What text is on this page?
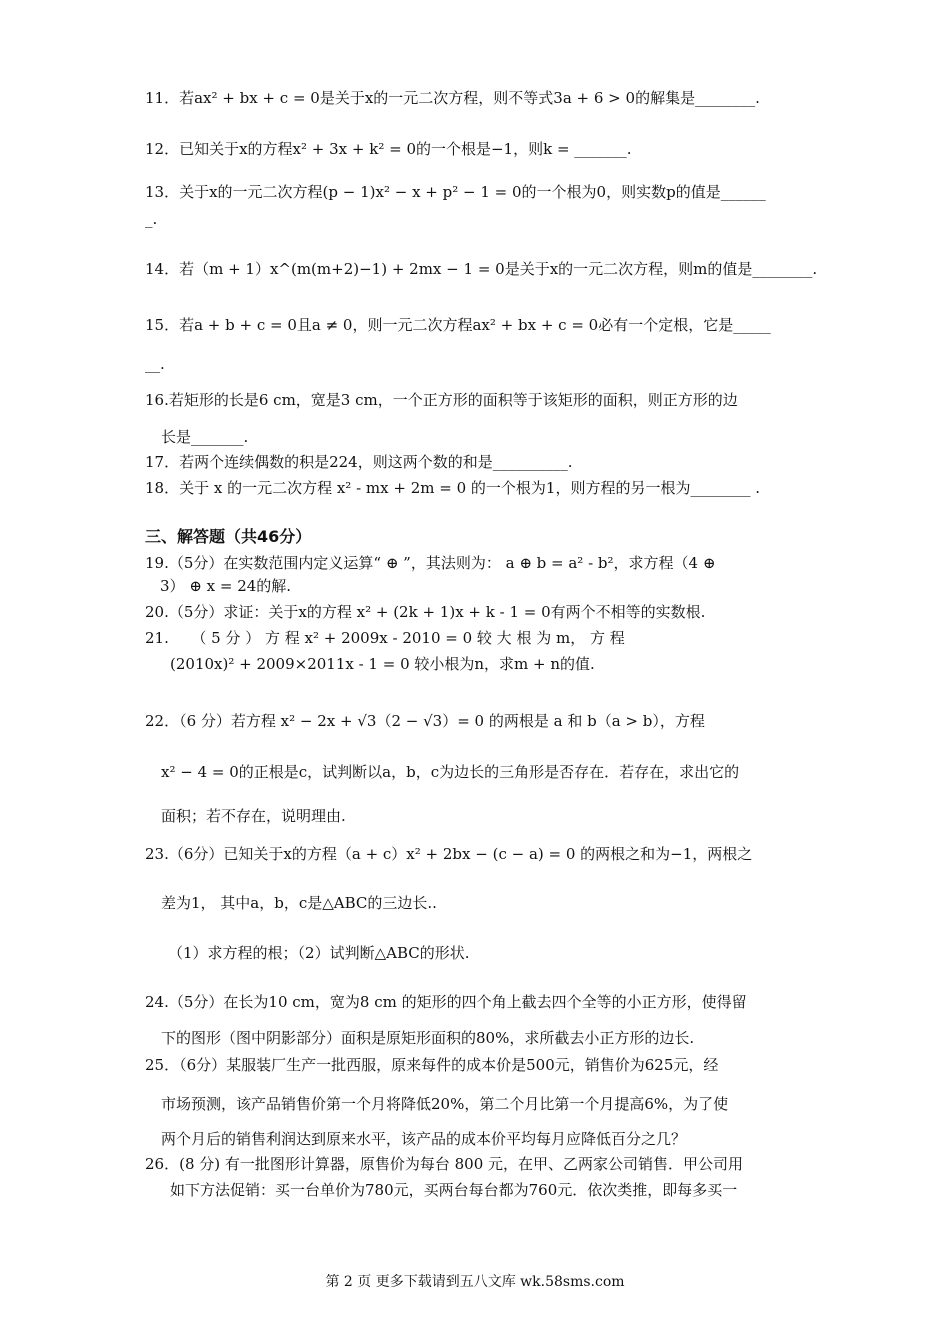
11．若ax² + bx + c = 0是关于x的一元二次方程，则不等式3a + 6 > 0的解集是________.
12．已知关于x的方程x² + 3x + k² = 0的一个根是−1，则k = _______.
13．关于x的一元二次方程(p − 1)x² − x + p² − 1 = 0的一个根为0，则实数p的值是______
_.
14．若（m + 1）x^(m(m+2)−1) + 2mx − 1 = 0是关于x的一元二次方程，则m的值是________.
15．若a + b + c = 0且a ≠ 0，则一元二次方程ax² + bx + c = 0必有一个定根，它是_____
__.
16.若矩形的长是6 cm，宽是3 cm，一个正方形的面积等于该矩形的面积，则正方形的边
长是_______.
17．若两个连续偶数的积是224，则这两个数的和是__________.
18．关于 x 的一元二次方程 x² - mx + 2m = 0 的一个根为1，则方程的另一根为________ .
三、解答题（共46分）
19.（5分）在实数范围内定义运算“ ⊕ ”，其法则为： a ⊕ b = a² - b²，求方程（4 ⊕
3） ⊕ x = 24的解.
20.（5分）求证：关于x的方程 x² + (2k + 1)x + k - 1 = 0有两个不相等的实数根.
21.　　（ 5 分 ） 方 程 x² + 2009x - 2010 = 0 较 大 根 为 m， 方 程
(2010x)² + 2009×2011x - 1 = 0 较小根为n，求m + n的值.
22．（6 分）若方程 x² − 2x + √3（2 − √3）= 0 的两根是 a 和 b（a > b），方程
x² − 4 = 0的正根是c，试判断以a，b，c为边长的三角形是否存在．若存在，求出它的
面积；若不存在，说明理由.
23.（6分）已知关于x的方程（a + c）x² + 2bx − (c − a) = 0 的两根之和为−1，两根之
差为1， 其中a，b，c是△ABC的三边长..
（1）求方程的根；（2）试判断△ABC的形状.
24.（5分）在长为10 cm，宽为8 cm 的矩形的四个角上截去四个全等的小正方形，使得留
下的图形（图中阴影部分）面积是原矩形面积的80%，求所截去小正方形的边长.
25．（6分）某服装厂生产一批西服，原来每件的成本价是500元，销售价为625元，经
市场预测，该产品销售价第一个月将降低20%，第二个月比第一个月提高6%，为了使
两个月后的销售利润达到原来水平，该产品的成本价平均每月应降低百分之几？
26．(8 分) 有一批图形计算器，原售价为每台 800 元，在甲、乙两家公司销售．甲公司用
如下方法促销：买一台单价为780元，买两台每台都为760元．依次类推，即每多买一
第 2 页 更多下载请到五八文库 wk.58sms.com
